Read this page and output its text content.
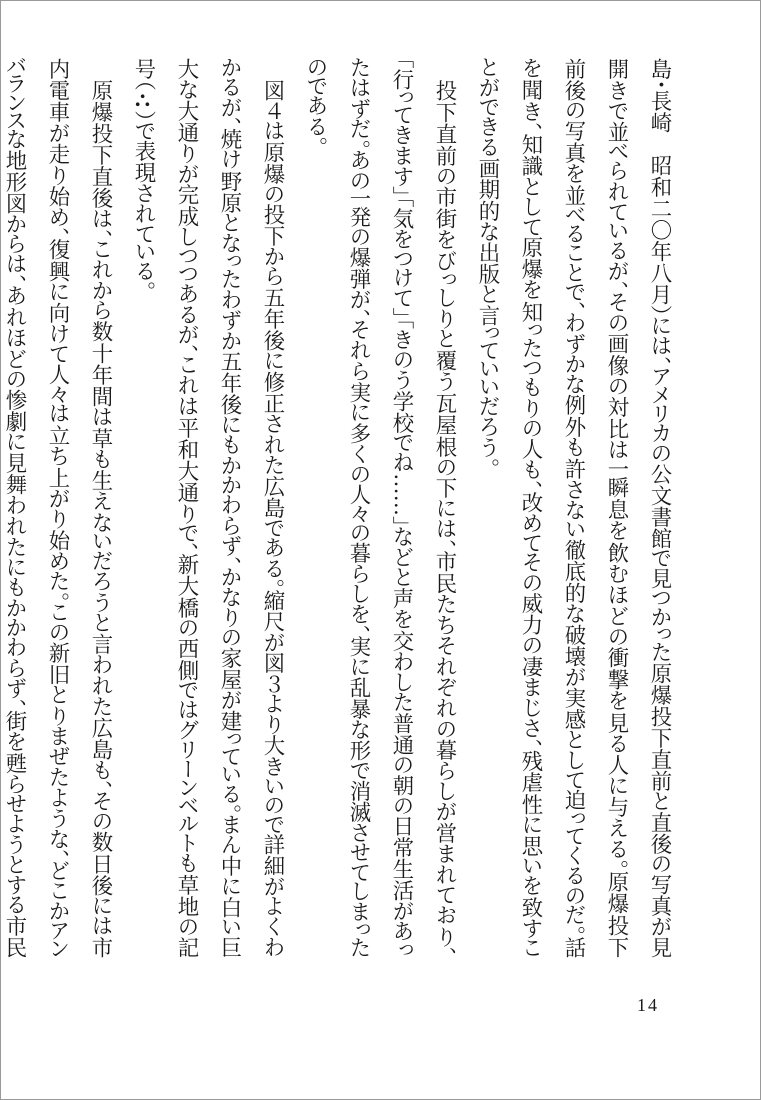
島・長崎　昭和二〇年八月）には、アメリカの公文書館で見つかった原爆投下直前と直後の写真が見開きで並べられているが、その画像の対比は一瞬息を飲むほどの衝撃を見る人に与える。原爆投下前後の写真を並べることで、わずかな例外も許さない徹底的な破壊が実感として迫ってくるのだ。話を聞き、知識として原爆を知ったつもりの人も、改めてその威力の凄まじさ、残虐性に思いを致すことができる画期的な出版と言っていいだろう。

　投下直前の市街をびっしりと覆う瓦屋根の下には、市民たちそれぞれの暮らしが営まれており、「行ってきます」「気をつけて」「きのう学校でね……」などと声を交わした普通の朝の日常生活があったはずだ。あの一発の爆弾が、それら実に多くの人々の暮らしを、実に乱暴な形で消滅させてしまったのである。

　図４は原爆の投下から五年後に修正された広島である。縮尺が図３より大きいので詳細がよくわかるが、焼け野原となったわずか五年後にもかかわらず、かなりの家屋が建っている。まん中に白い巨大な大通りが完成しつつあるが、これは平和大通りで、新大橋の西側ではグリーンベルトも草地の記号（⛬）で表現されている。

　原爆投下直後は、これから数十年間は草も生えないだろうと言われた広島も、その数日後には市内電車が走り始め、復興に向けて人々は立ち上がり始めた。この新旧とりまぜたような、どこかアンバランスな地形図からは、あれほどの惨劇に見舞われたにもかかわらず、街を甦らせようとする市民

14
